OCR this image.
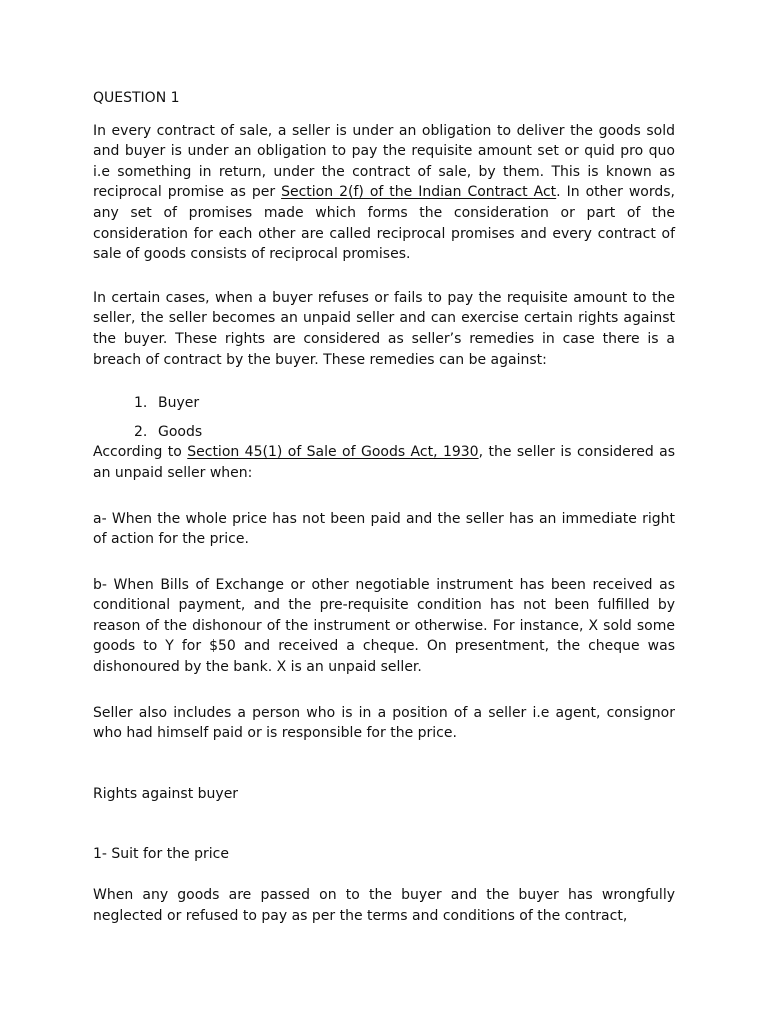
QUESTION 1

In every contract of sale, a seller is under an obligation to deliver the goods sold and buyer is under an obligation to pay the requisite amount set or quid pro quo i.e something in return, under the contract of sale, by them. This is known as reciprocal promise as per Section 2(f) of the Indian Contract Act. In other words, any set of promises made which forms the consideration or part of the consideration for each other are called reciprocal promises and every contract of sale of goods consists of reciprocal promises.

In certain cases, when a buyer refuses or fails to pay the requisite amount to the seller, the seller becomes an unpaid seller and can exercise certain rights against the buyer. These rights are considered as seller’s remedies in case there is a breach of contract by the buyer. These remedies can be against:

1. Buyer
2. Goods

According to Section 45(1) of Sale of Goods Act, 1930, the seller is considered as an unpaid seller when:

a- When the whole price has not been paid and the seller has an immediate right of action for the price.

b- When Bills of Exchange or other negotiable instrument has been received as conditional payment, and the pre-requisite condition has not been fulfilled by reason of the dishonour of the instrument or otherwise. For instance, X sold some goods to Y for $50 and received a cheque. On presentment, the cheque was dishonoured by the bank. X is an unpaid seller.

Seller also includes a person who is in a position of a seller i.e agent, consignor who had himself paid or is responsible for the price.

Rights against buyer

1- Suit for the price

When any goods are passed on to the buyer and the buyer has wrongfully neglected or refused to pay as per the terms and conditions of the contract,
